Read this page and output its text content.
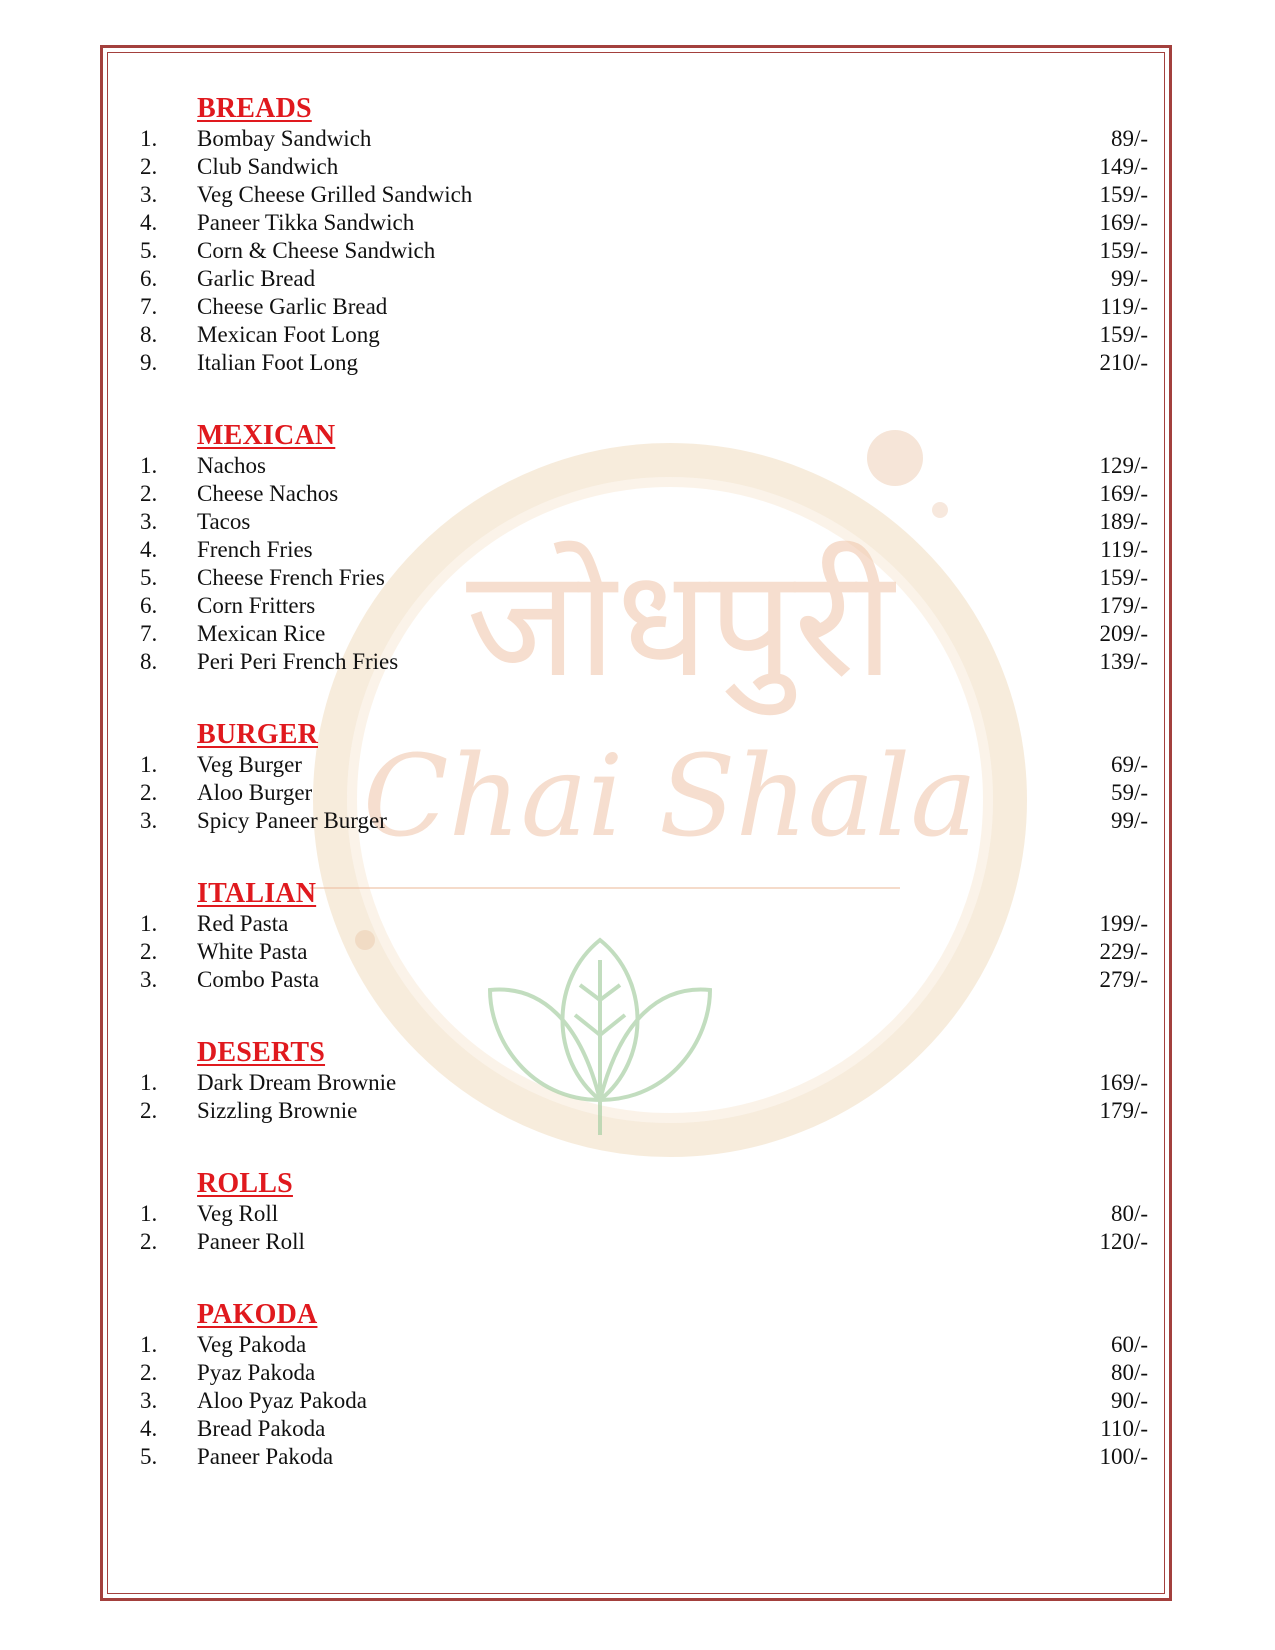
जोधपुरी
Chai Shala
BREADS
1.	Bombay Sandwich	89/-
2.	Club Sandwich	149/-
3.	Veg Cheese Grilled Sandwich	159/-
4.	Paneer Tikka Sandwich	169/-
5.	Corn & Cheese Sandwich	159/-
6.	Garlic Bread	99/-
7.	Cheese Garlic Bread	119/-
8.	Mexican Foot Long	159/-
9.	Italian Foot Long	210/-
MEXICAN
1.	Nachos	129/-
2.	Cheese Nachos	169/-
3.	Tacos	189/-
4.	French Fries	119/-
5.	Cheese French Fries	159/-
6.	Corn Fritters	179/-
7.	Mexican Rice	209/-
8.	Peri Peri French Fries	139/-
BURGER
1.	Veg Burger	69/-
2.	Aloo Burger	59/-
3.	Spicy Paneer Burger	99/-
ITALIAN
1.	Red Pasta	199/-
2.	White Pasta	229/-
3.	Combo Pasta	279/-
DESERTS
1.	Dark Dream Brownie	169/-
2.	Sizzling Brownie	179/-
ROLLS
1.	Veg Roll	80/-
2.	Paneer Roll	120/-
PAKODA
1.	Veg Pakoda	60/-
2.	Pyaz Pakoda	80/-
3.	Aloo Pyaz Pakoda	90/-
4.	Bread Pakoda	110/-
5.	Paneer Pakoda	100/-
